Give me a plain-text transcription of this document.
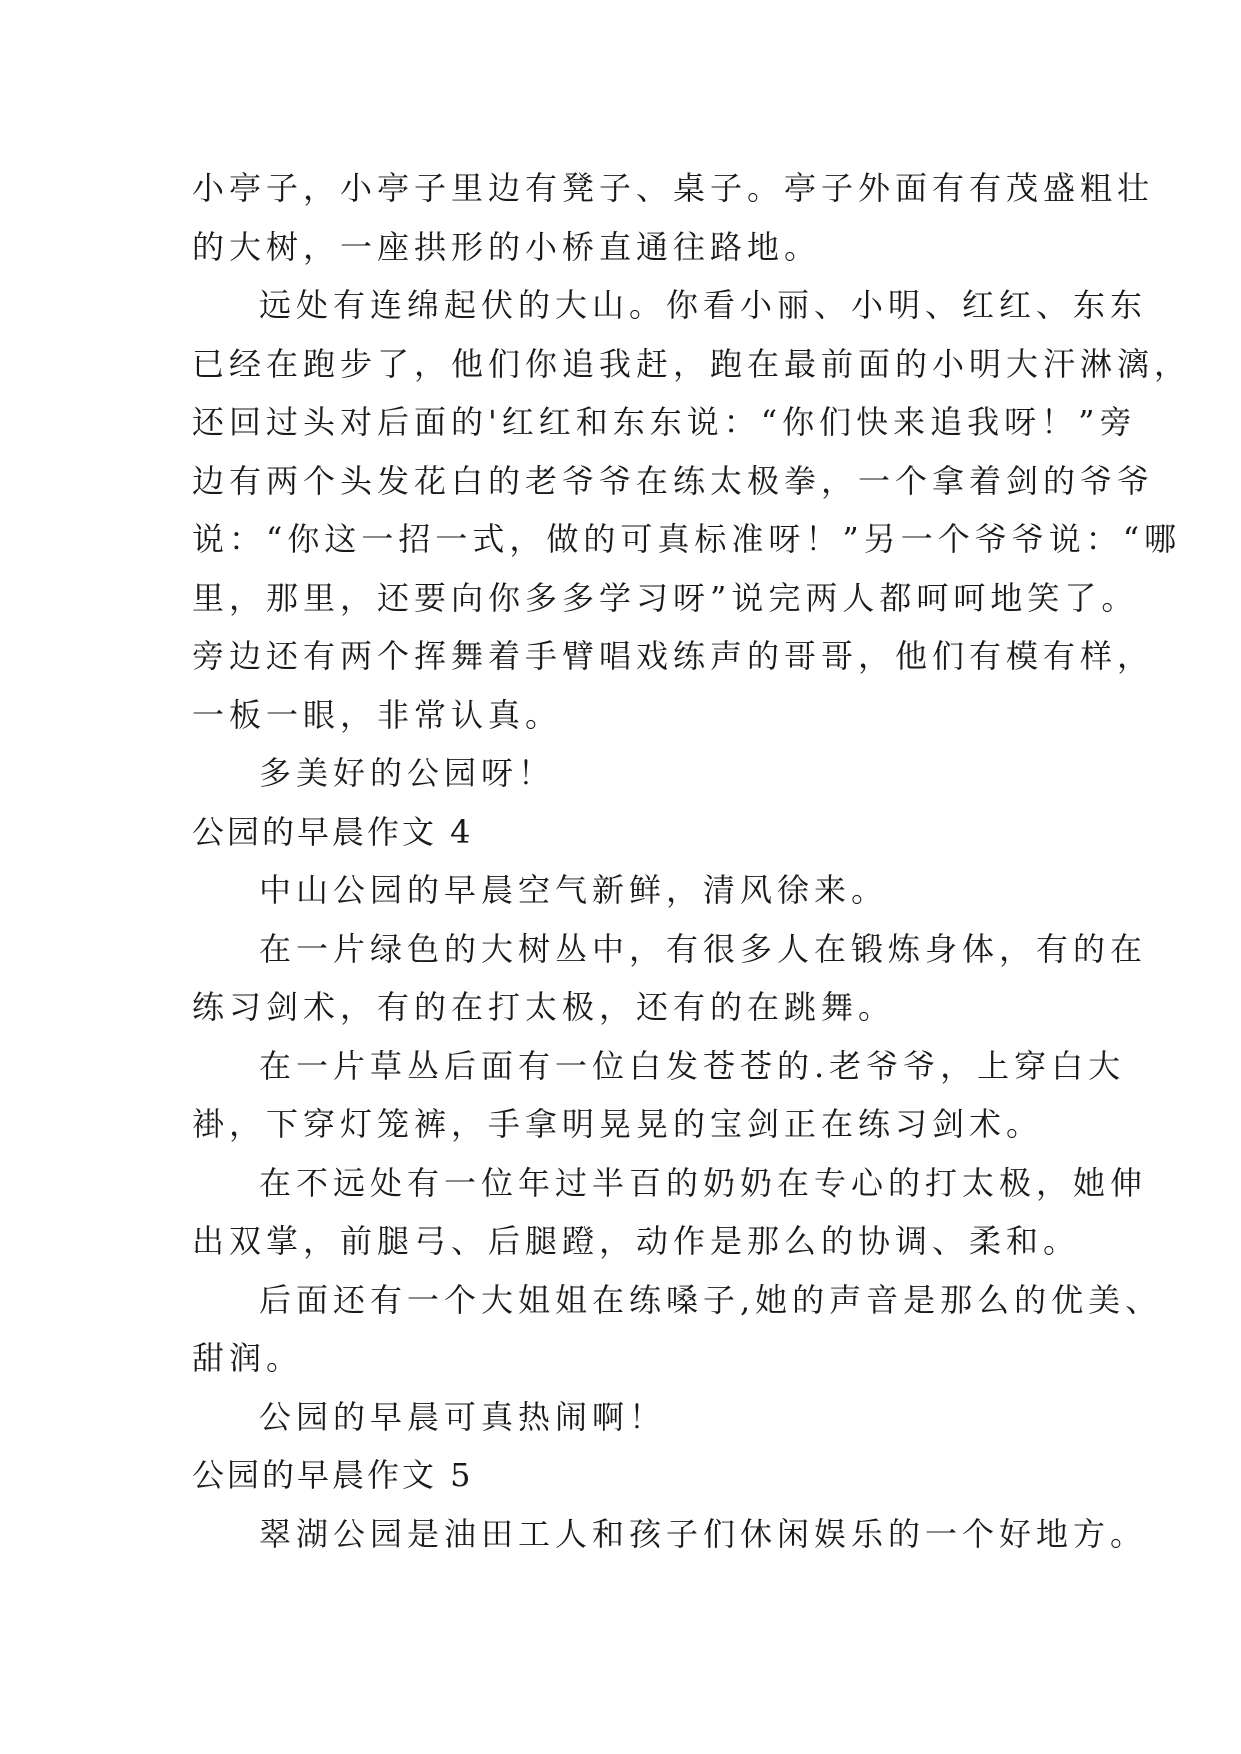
小亭子，小亭子里边有凳子、桌子。亭子外面有有茂盛粗壮
的大树，一座拱形的小桥直通往路地。
远处有连绵起伏的大山。你看小丽、小明、红红、东东
已经在跑步了，他们你追我赶，跑在最前面的小明大汗淋漓，
还回过头对后面的'红红和东东说：“你们快来追我呀！”旁
边有两个头发花白的老爷爷在练太极拳，一个拿着剑的爷爷
说：“你这一招一式，做的可真标准呀！”另一个爷爷说：“哪
里，那里，还要向你多多学习呀”说完两人都呵呵地笑了。
旁边还有两个挥舞着手臂唱戏练声的哥哥，他们有模有样，
一板一眼，非常认真。
多美好的公园呀！
公园的早晨作文 4
中山公园的早晨空气新鲜，清风徐来。
在一片绿色的大树丛中，有很多人在锻炼身体，有的在
练习剑术，有的在打太极，还有的在跳舞。
在一片草丛后面有一位白发苍苍的.老爷爷，上穿白大
褂，下穿灯笼裤，手拿明晃晃的宝剑正在练习剑术。
在不远处有一位年过半百的奶奶在专心的打太极，她伸
出双掌，前腿弓、后腿蹬，动作是那么的协调、柔和。
后面还有一个大姐姐在练嗓子,她的声音是那么的优美、
甜润。
公园的早晨可真热闹啊！
公园的早晨作文 5
翠湖公园是油田工人和孩子们休闲娱乐的一个好地方。
